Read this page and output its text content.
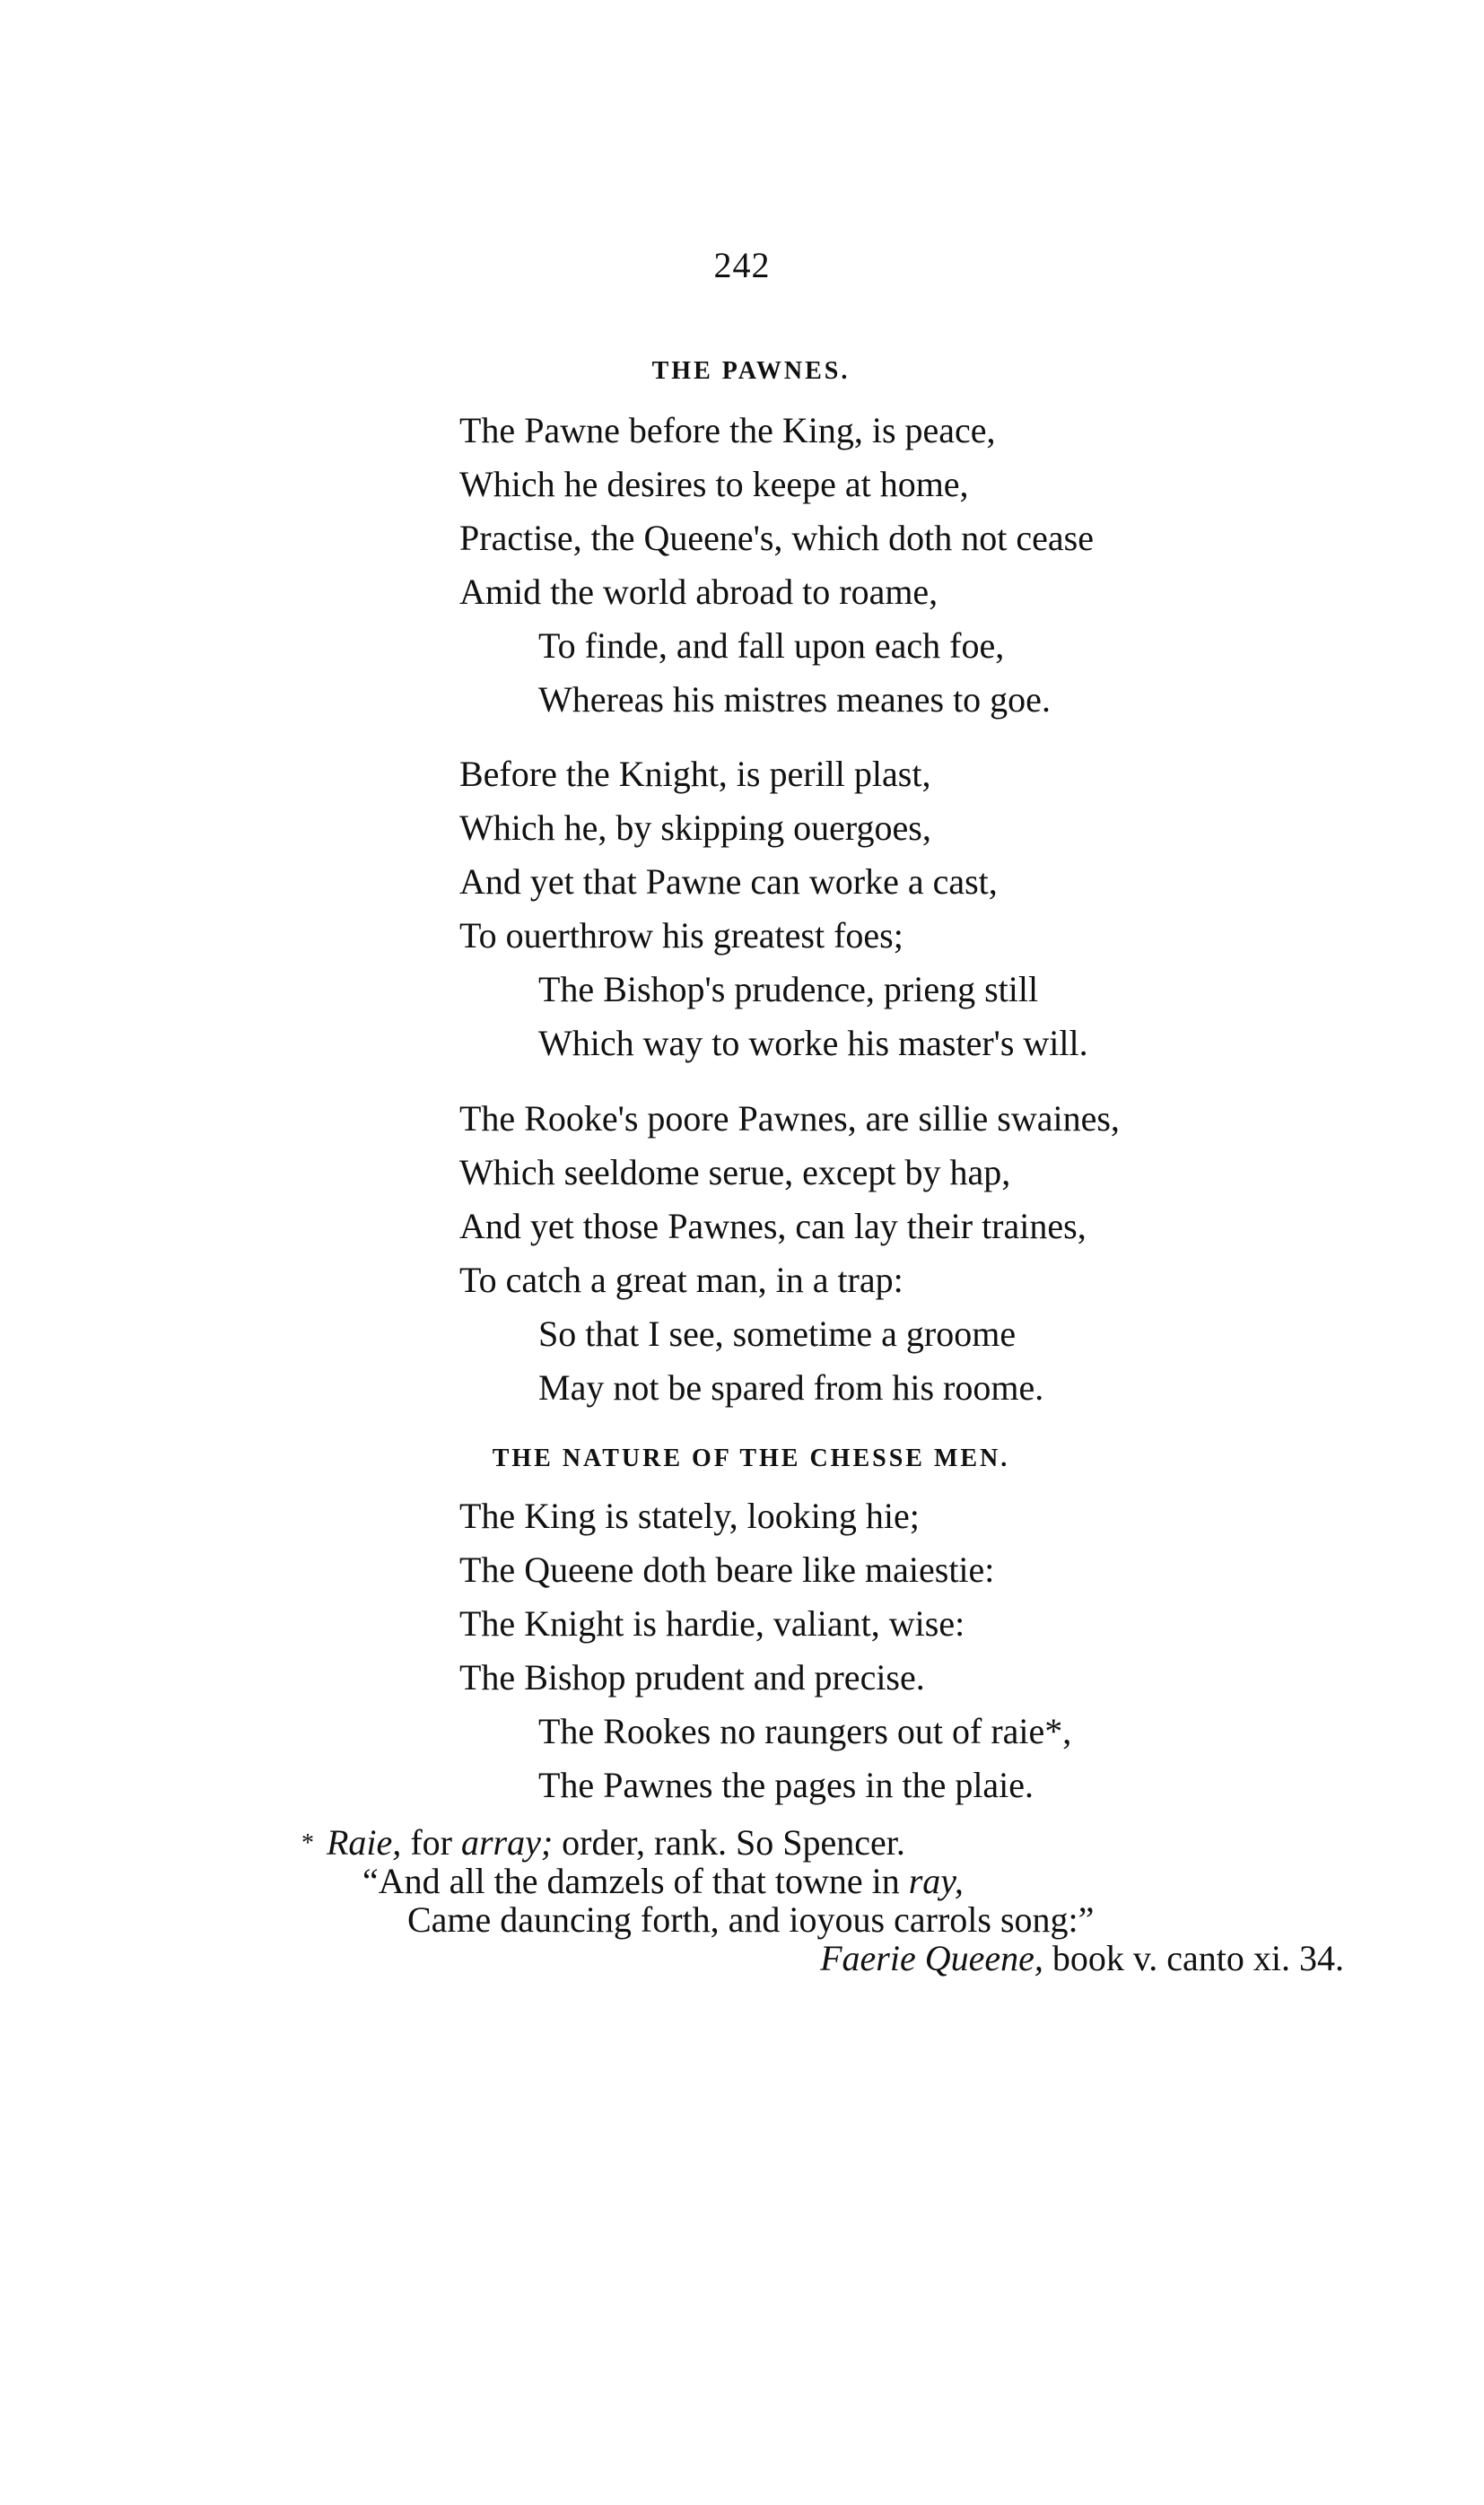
242
THE PAWNES.
The Pawne before the King, is peace,
Which he desires to keepe at home,
Practise, the Queene's, which doth not cease
Amid the world abroad to roame,
To finde, and fall upon each foe,
Whereas his mistres meanes to goe.
Before the Knight, is perill plast,
Which he, by skipping ouergoes,
And yet that Pawne can worke a cast,
To ouerthrow his greatest foes;
The Bishop's prudence, prieng still
Which way to worke his master's will.
The Rooke's poore Pawnes, are sillie swaines,
Which seeldome serue, except by hap,
And yet those Pawnes, can lay their traines,
To catch a great man, in a trap:
So that I see, sometime a groome
May not be spared from his roome.
THE NATURE OF THE CHESSE MEN.
The King is stately, looking hie;
The Queene doth beare like maiestie:
The Knight is hardie, valiant, wise:
The Bishop prudent and precise.
The Rookes no raungers out of raie*,
The Pawnes the pages in the plaie.
* Raie, for array; order, rank. So Spencer.
“And all the damzels of that towne in ray,
Came dauncing forth, and ioyous carrols song:”
Faerie Queene, book v. canto xi. 34.
